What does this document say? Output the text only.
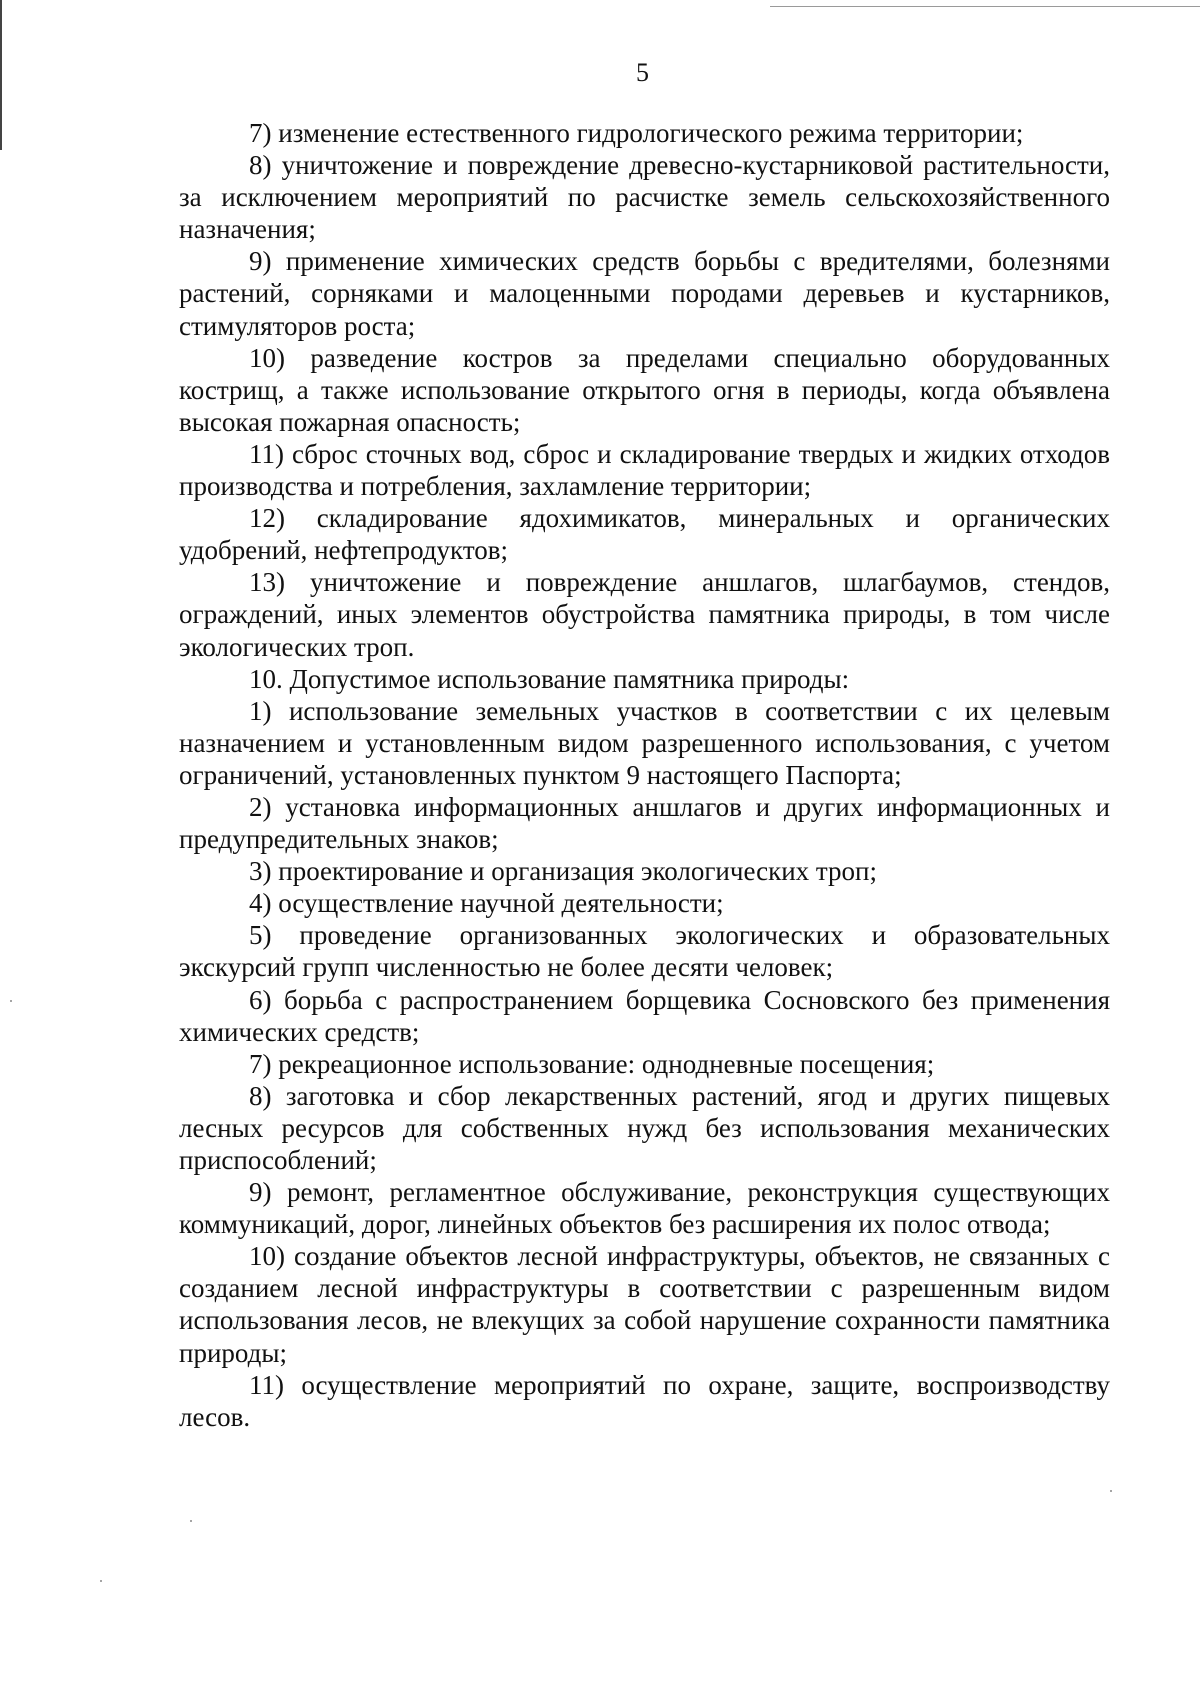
5

7) изменение естественного гидрологического режима территории;

8) уничтожение и повреждение древесно-кустарниковой растительности, за исключением мероприятий по расчистке земель сельскохозяйственного назначения;

9) применение химических средств борьбы с вредителями, болезнями растений, сорняками и малоценными породами деревьев и кустарников, стимуляторов роста;

10) разведение костров за пределами специально оборудованных кострищ, а также использование открытого огня в периоды, когда объявлена высокая пожарная опасность;

11) сброс сточных вод, сброс и складирование твердых и жидких отходов производства и потребления, захламление территории;

12) складирование ядохимикатов, минеральных и органических удобрений, нефтепродуктов;

13) уничтожение и повреждение аншлагов, шлагбаумов, стендов, ограждений, иных элементов обустройства памятника природы, в том числе экологических троп.

10. Допустимое использование памятника природы:

1) использование земельных участков в соответствии с их целевым назначением и установленным видом разрешенного использования, с учетом ограничений, установленных пунктом 9 настоящего Паспорта;

2) установка информационных аншлагов и других информационных и предупредительных знаков;

3) проектирование и организация экологических троп;

4) осуществление научной деятельности;

5) проведение организованных экологических и образовательных экскурсий групп численностью не более десяти человек;

6) борьба с распространением борщевика Сосновского без применения химических средств;

7) рекреационное использование: однодневные посещения;

8) заготовка и сбор лекарственных растений, ягод и других пищевых лесных ресурсов для собственных нужд без использования механических приспособлений;

9) ремонт, регламентное обслуживание, реконструкция существующих коммуникаций, дорог, линейных объектов без расширения их полос отвода;

10) создание объектов лесной инфраструктуры, объектов, не связанных с созданием лесной инфраструктуры в соответствии с разрешенным видом использования лесов, не влекущих за собой нарушение сохранности памятника природы;

11) осуществление мероприятий по охране, защите, воспроизводству лесов.
